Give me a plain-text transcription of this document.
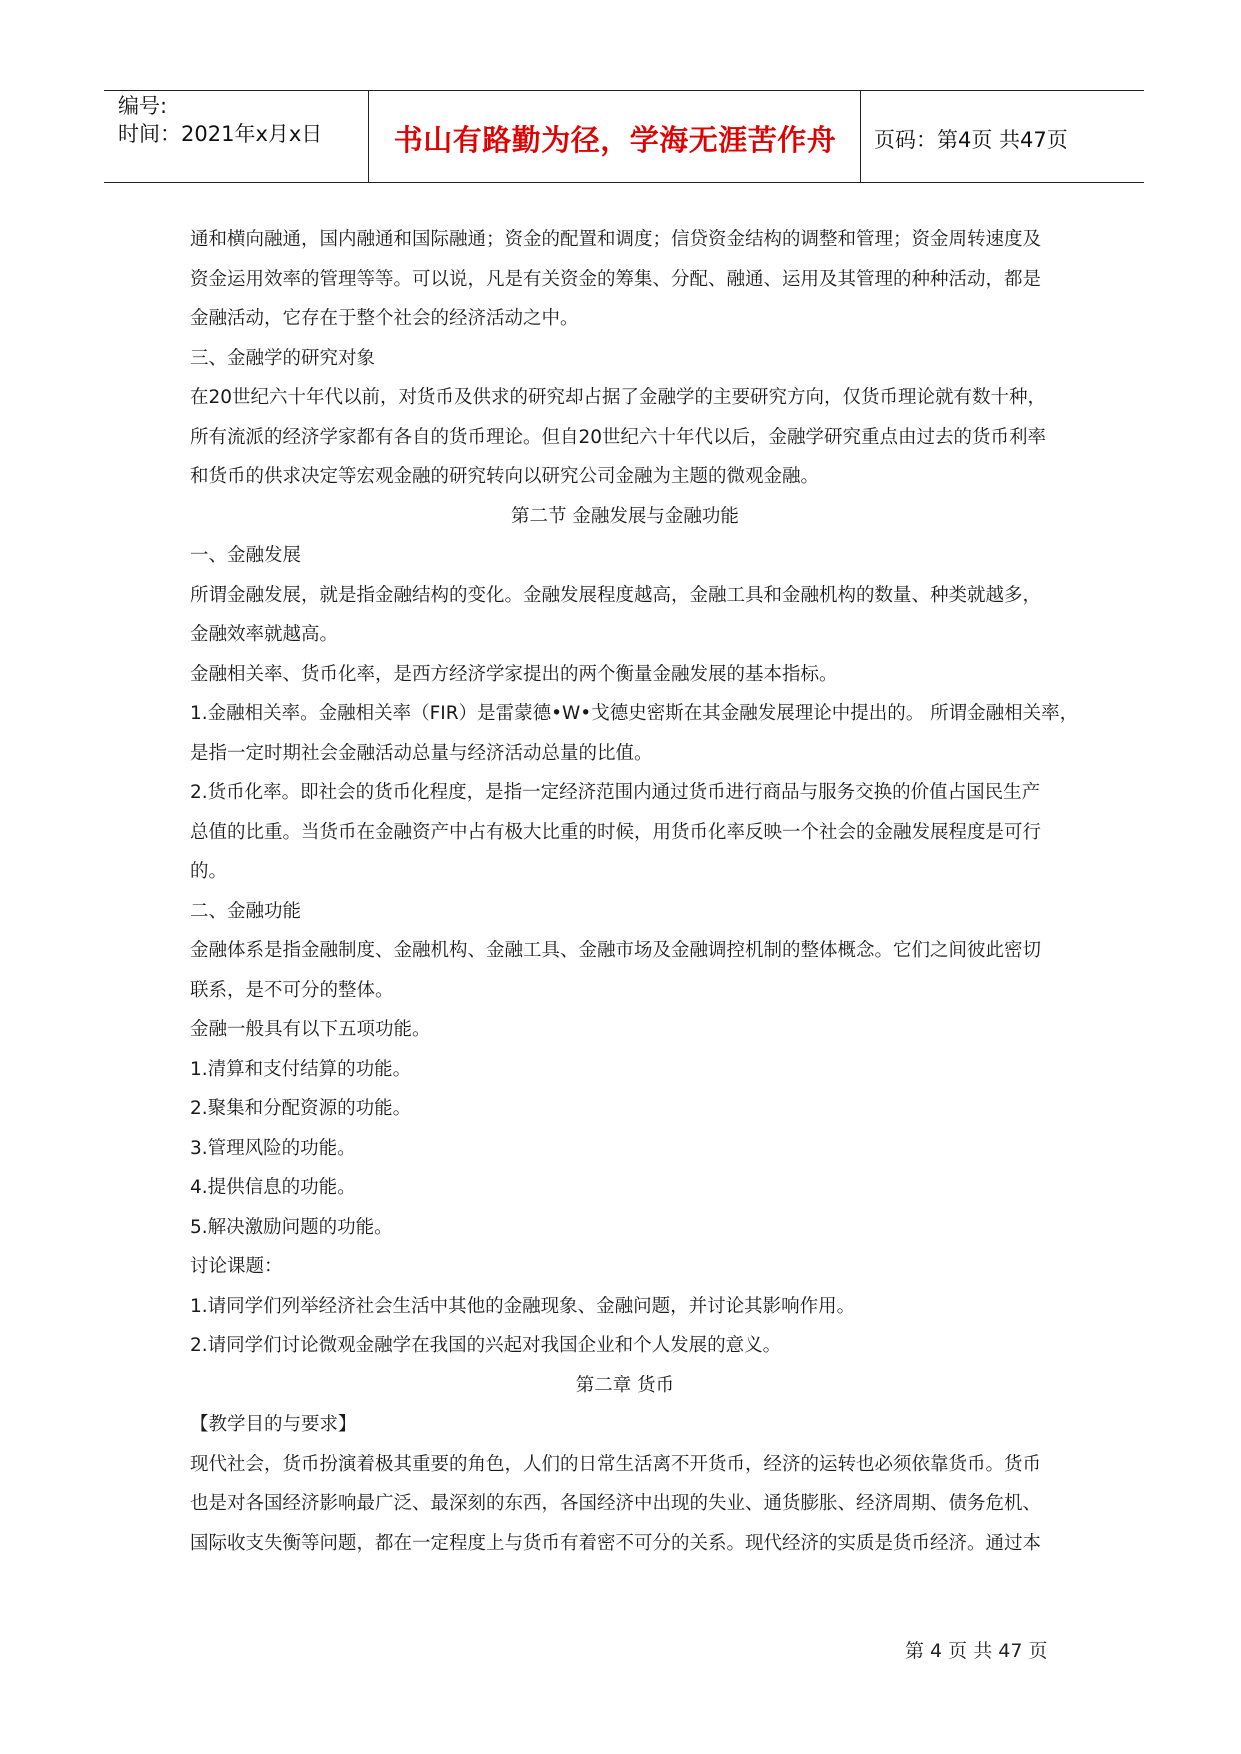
编号:
时间：2021年x月x日	书山有路勤为径，学海无涯苦作舟	页码：第4页 共47页
通和横向融通，国内融通和国际融通；资金的配置和调度；信贷资金结构的调整和管理；资金周转速度及
资金运用效率的管理等等。可以说，凡是有关资金的筹集、分配、融通、运用及其管理的种种活动，都是
金融活动，它存在于整个社会的经济活动之中。
三、金融学的研究对象
在20世纪六十年代以前，对货币及供求的研究却占据了金融学的主要研究方向，仅货币理论就有数十种，
所有流派的经济学家都有各自的货币理论。但自20世纪六十年代以后，金融学研究重点由过去的货币利率
和货币的供求决定等宏观金融的研究转向以研究公司金融为主题的微观金融。
第二节 金融发展与金融功能
一、金融发展
所谓金融发展，就是指金融结构的变化。金融发展程度越高，金融工具和金融机构的数量、种类就越多，
金融效率就越高。
金融相关率、货币化率，是西方经济学家提出的两个衡量金融发展的基本指标。
1.金融相关率。金融相关率（FIR）是雷蒙德•W•戈德史密斯在其金融发展理论中提出的。 所谓金融相关率，
是指一定时期社会金融活动总量与经济活动总量的比值。
2.货币化率。即社会的货币化程度，是指一定经济范围内通过货币进行商品与服务交换的价值占国民生产
总值的比重。当货币在金融资产中占有极大比重的时候，用货币化率反映一个社会的金融发展程度是可行
的。
二、金融功能
金融体系是指金融制度、金融机构、金融工具、金融市场及金融调控机制的整体概念。它们之间彼此密切
联系，是不可分的整体。
金融一般具有以下五项功能。
1.清算和支付结算的功能。
2.聚集和分配资源的功能。
3.管理风险的功能。
4.提供信息的功能。
5.解决激励问题的功能。
讨论课题：
1.请同学们列举经济社会生活中其他的金融现象、金融问题，并讨论其影响作用。
2.请同学们讨论微观金融学在我国的兴起对我国企业和个人发展的意义。
第二章 货币
【教学目的与要求】
现代社会，货币扮演着极其重要的角色，人们的日常生活离不开货币，经济的运转也必须依靠货币。货币
也是对各国经济影响最广泛、最深刻的东西，各国经济中出现的失业、通货膨胀、经济周期、债务危机、
国际收支失衡等问题，都在一定程度上与货币有着密不可分的关系。现代经济的实质是货币经济。通过本
第 4 页 共 47 页
